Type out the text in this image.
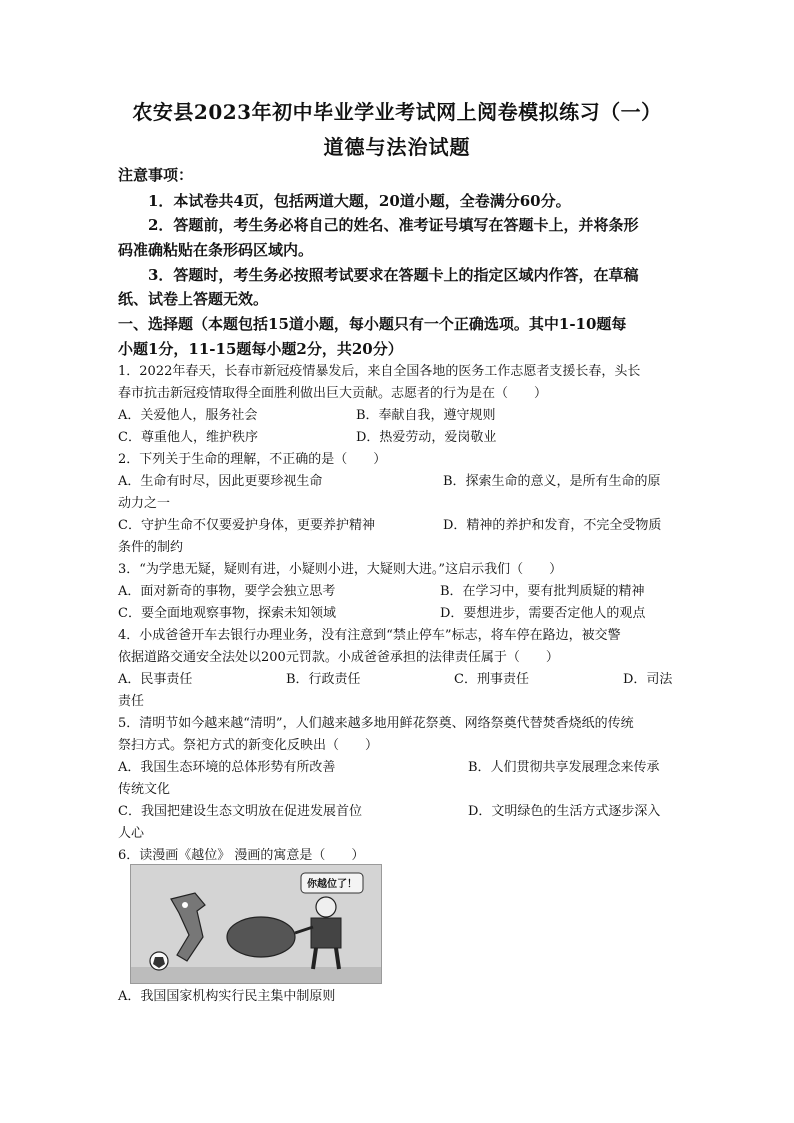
农安县2023年初中毕业学业考试网上阅卷模拟练习（一）
道德与法治试题
注意事项：
1．本试卷共4页，包括两道大题，20道小题，全卷满分60分。
2．答题前，考生务必将自己的姓名、准考证号填写在答题卡上，并将条形
码准确粘贴在条形码区域内。
3．答题时，考生务必按照考试要求在答题卡上的指定区域内作答，在草稿
纸、试卷上答题无效。
一、选择题（本题包括15道小题，每小题只有一个正确选项。其中1-10题每
小题1分，11-15题每小题2分，共20分）
1．2022年春天，长春市新冠疫情暴发后，来自全国各地的医务工作志愿者支援长春，头长
春市抗击新冠疫情取得全面胜利做出巨大贡献。志愿者的行为是在（　　）
A．关爱他人，服务社会	B．奉献自我，遵守规则
C．尊重他人，维护秩序	D．热爱劳动，爱岗敬业
2．下列关于生命的理解，不正确的是（　　）
A．生命有时尽，因此更要珍视生命	B．探索生命的意义，是所有生命的原
动力之一
C．守护生命不仅要爱护身体，更要养护精神	D．精神的养护和发育，不完全受物质
条件的制约
3．“为学患无疑，疑则有进，小疑则小进，大疑则大进。”这启示我们（　　）
A．面对新奇的事物，要学会独立思考	B．在学习中，要有批判质疑的精神
C．要全面地观察事物，探索未知领域	D．要想进步，需要否定他人的观点
4．小成爸爸开车去银行办理业务，没有注意到“禁止停车”标志，将车停在路边，被交警
依据道路交通安全法处以200元罚款。小成爸爸承担的法律责任属于（　　）
A．民事责任	B．行政责任	C．刑事责任	D．司法
责任
5．清明节如今越来越“清明”，人们越来越多地用鲜花祭奠、网络祭奠代替焚香烧纸的传统
祭扫方式。祭祀方式的新变化反映出（　　）
A．我国生态环境的总体形势有所改善	B．人们贯彻共享发展理念来传承
传统文化
C．我国把建设生态文明放在促进发展首位	D．文明绿色的生活方式逐步深入
人心
6．读漫画《越位》 漫画的寓意是（　　）
你越位了！
A．我国国家机构实行民主集中制原则
